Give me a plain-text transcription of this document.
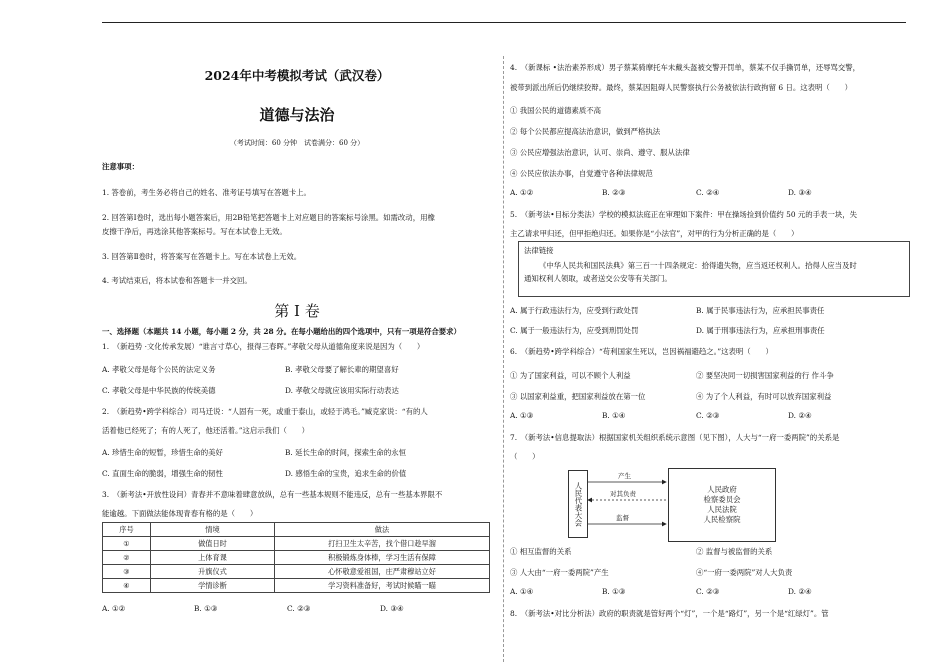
2024年中考模拟考试（武汉卷）
道德与法治
（考试时间：60 分钟　试卷满分：60 分）
注意事项：
1. 答卷前，考生务必将自己的姓名、准考证号填写在答题卡上。
2. 回答第Ⅰ卷时，选出每小题答案后，用2B铅笔把答题卡上对应题目的答案标号涂黑。如需改动，用橡
皮擦干净后，再选涂其他答案标号。写在本试卷上无效。
3. 回答第Ⅱ卷时，将答案写在答题卡上。写在本试卷上无效。
4. 考试结束后，将本试卷和答题卡一并交回。
第 I 卷
一、选择题（本题共 14 小题，每小题 2 分，共 28 分。在每小题给出的四个选项中，只有一项是符合要求）
1.　（新趋势 ·文化传承发展）“谁言寸草心，报得三春晖。”孝敬父母从道德角度来说是因为（　　）
A. 孝敬父母是每个公民的法定义务	B. 孝敬父母要了解长辈的期望喜好
C. 孝敬父母是中华民族的传统美德	D. 孝敬父母就应该用实际行动表达
2.　（新趋势•跨学科综合）司马迁说：“人固有一死，或重于泰山，或轻于鸿毛。”臧克家说：“有的人
活着他已经死了；有的人死了，他还活着。”这启示我们（　　）
A. 珍惜生命的短暂，珍惜生命的美好	B. 延长生命的时间，探索生命的永恒
C. 直面生命的脆弱，增强生命的韧性	D. 感悟生命的宝贵，追求生命的价值
3.　（新考法•开放性设问）青春并不意味着肆意放纵，总有一些基本规则不能违反，总有一些基本界限不
能逾越。下面做法能体现青春有格的是（　　）
序号	情境	做法
①	做值日时	打扫卫生太辛苦，找个借口趁早溜
②	上体育课	积极锻炼身体棒，学习生活有保障
③	升旗仪式	心怀敬意爱祖国，庄严肃穆站立好
④	学情诊断	学习资料准备好，考试时候瞄一瞄
A. ①②	B. ①③	C. ②③	D. ③④
4.　（新课标 •法治素养形成）男子蔡某骑摩托车未戴头盔被交警开罚单，蔡某不仅手撕罚单，还辱骂交警，
被带到派出所后仍继续狡辩。最终，蔡某因阻碍人民警察执行公务被依法行政拘留 6 日。这表明（　　）
① 我国公民的道德素质不高
② 每个公民都应提高法治意识，做到严格执法
③ 公民应增强法治意识，认可、崇尚、遵守、服从法律
④ 公民应依法办事，自觉遵守各种法律规范
A. ①②	B. ②③	C. ②④	D. ③④
5.　（新考法•目标分类法）学校的模拟法庭正在审理如下案件：甲在操场捡到价值约 50 元的手表一块，失
主乙请求甲归还，但甲拒绝归还。如果你是“小法官”，对甲的行为分析正确的是（　　）
法律链接
《中华人民共和国民法典》第三百一十四条规定：拾得遗失物，应当返还权利人。拾得人应当及时
通知权利人领取，或者送交公安等有关部门。
A. 属于行政违法行为，应受到行政处罚	B. 属于民事违法行为，应承担民事责任
C. 属于一般违法行为，应受到刑罚处罚	D. 属于刑事违法行为，应承担刑事责任
6.　（新趋势•跨学科综合）“苟利国家生死以，岂因祸福避趋之。”这表明（　　）
① 为了国家利益，可以不顾个人利益	② 要坚决同一切损害国家利益的行 作斗争
③ 以国家利益重，把国家利益放在第一位	④ 为了个人利益，有时可以放弃国家利益
A. ①③	B. ①④	C. ②③	D. ②④
7.　（新考法•信息提取法）根据国家机关组织系统示意图（见下图），人大与“一府一委两院”的关系是
（　　）
人民代表大会	人民政府
检察委员会
人民法院
人民检察院
产生
对其负责
监督
① 相互监督的关系	② 监督与被监督的关系
③ 人大由“一府一委两院”产生	④“一府一委两院”对人大负责
A. ①④	B. ①③	C. ②③	D. ②④
8.　（新考法•对比分析法）政府的职责就是管好两个“灯”，一个是“路灯”，另一个是“红绿灯”。管
